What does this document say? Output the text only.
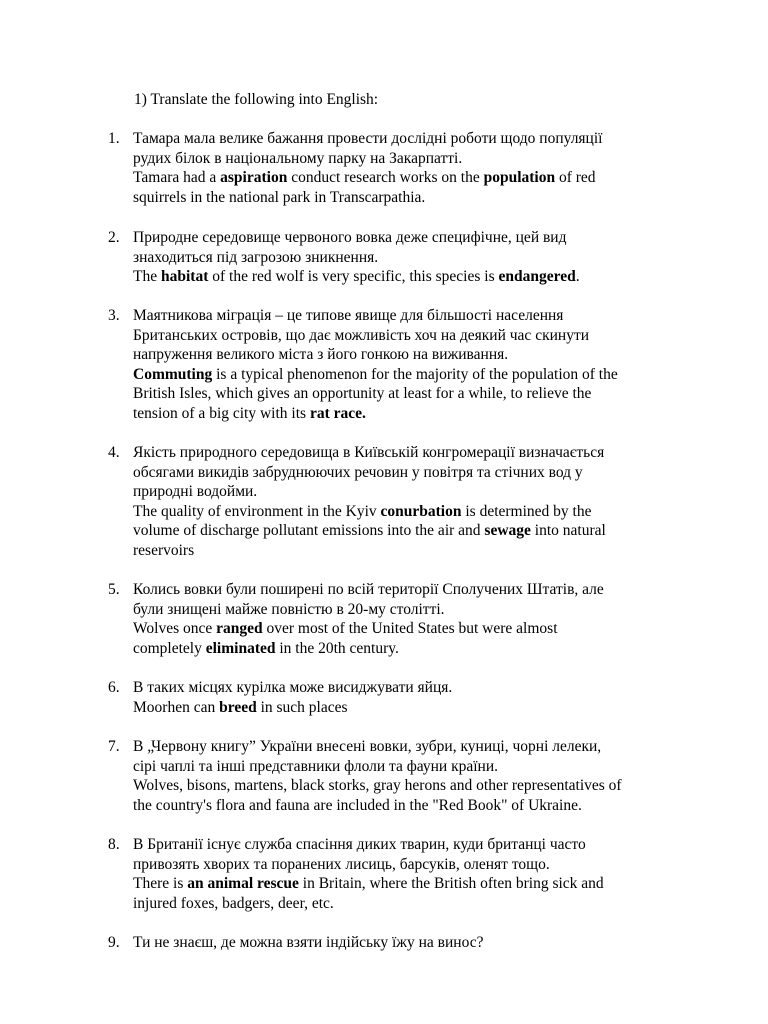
1) Translate the following into English:
1. Тамара мала велике бажання провести дослідні роботи щодо популяції
рудих білок в національному парку на Закарпатті.
Tamara had a aspiration conduct research works on the population of red
squirrels in the national park in Transcarpathia.
2. Природне середовище червоного вовка деже специфічне, цей вид
знаходиться під загрозою зникнення.
The habitat of the red wolf is very specific, this species is endangered.
3. Маятникова міграція – це типове явище для більшості населення
Британських островів, що дає можливість хоч на деякий час скинути
напруження великого міста з його гонкою на виживання.
Commuting is a typical phenomenon for the majority of the population of the
British Isles, which gives an opportunity at least for a while, to relieve the
tension of a big city with its rat race.
4. Якість природного середовища в Київській конгромерації визначається
обсягами викидів забруднюючих речовин у повітря та стічних вод у
природні водойми.
The quality of environment in the Kyiv conurbation is determined by the
volume of discharge pollutant emissions into the air and sewage into natural
reservoirs
5. Колись вовки були поширені по всій території Сполучених Штатів, але
були знищені майже повністю в 20-му столітті.
Wolves once ranged over most of the United States but were almost
completely eliminated in the 20th century.
6. В таких місцях курілка може висиджувати яйця.
Moorhen can breed in such places
7. В „Червону книгу” України внесені вовки, зубри, куниці, чорні лелеки,
сірі чаплі та інші представники флоли та фауни країни.
Wolves, bisons, martens, black storks, gray herons and other representatives of
the country's flora and fauna are included in the "Red Book" of Ukraine.
8. В Британії існує служба спасіння диких тварин, куди британці часто
привозять хворих та поранених лисиць, барсуків, оленят тощо.
There is an animal rescue in Britain, where the British often bring sick and
injured foxes, badgers, deer, etc.
9. Ти не знаєш, де можна взяти індійську їжу на винос?
